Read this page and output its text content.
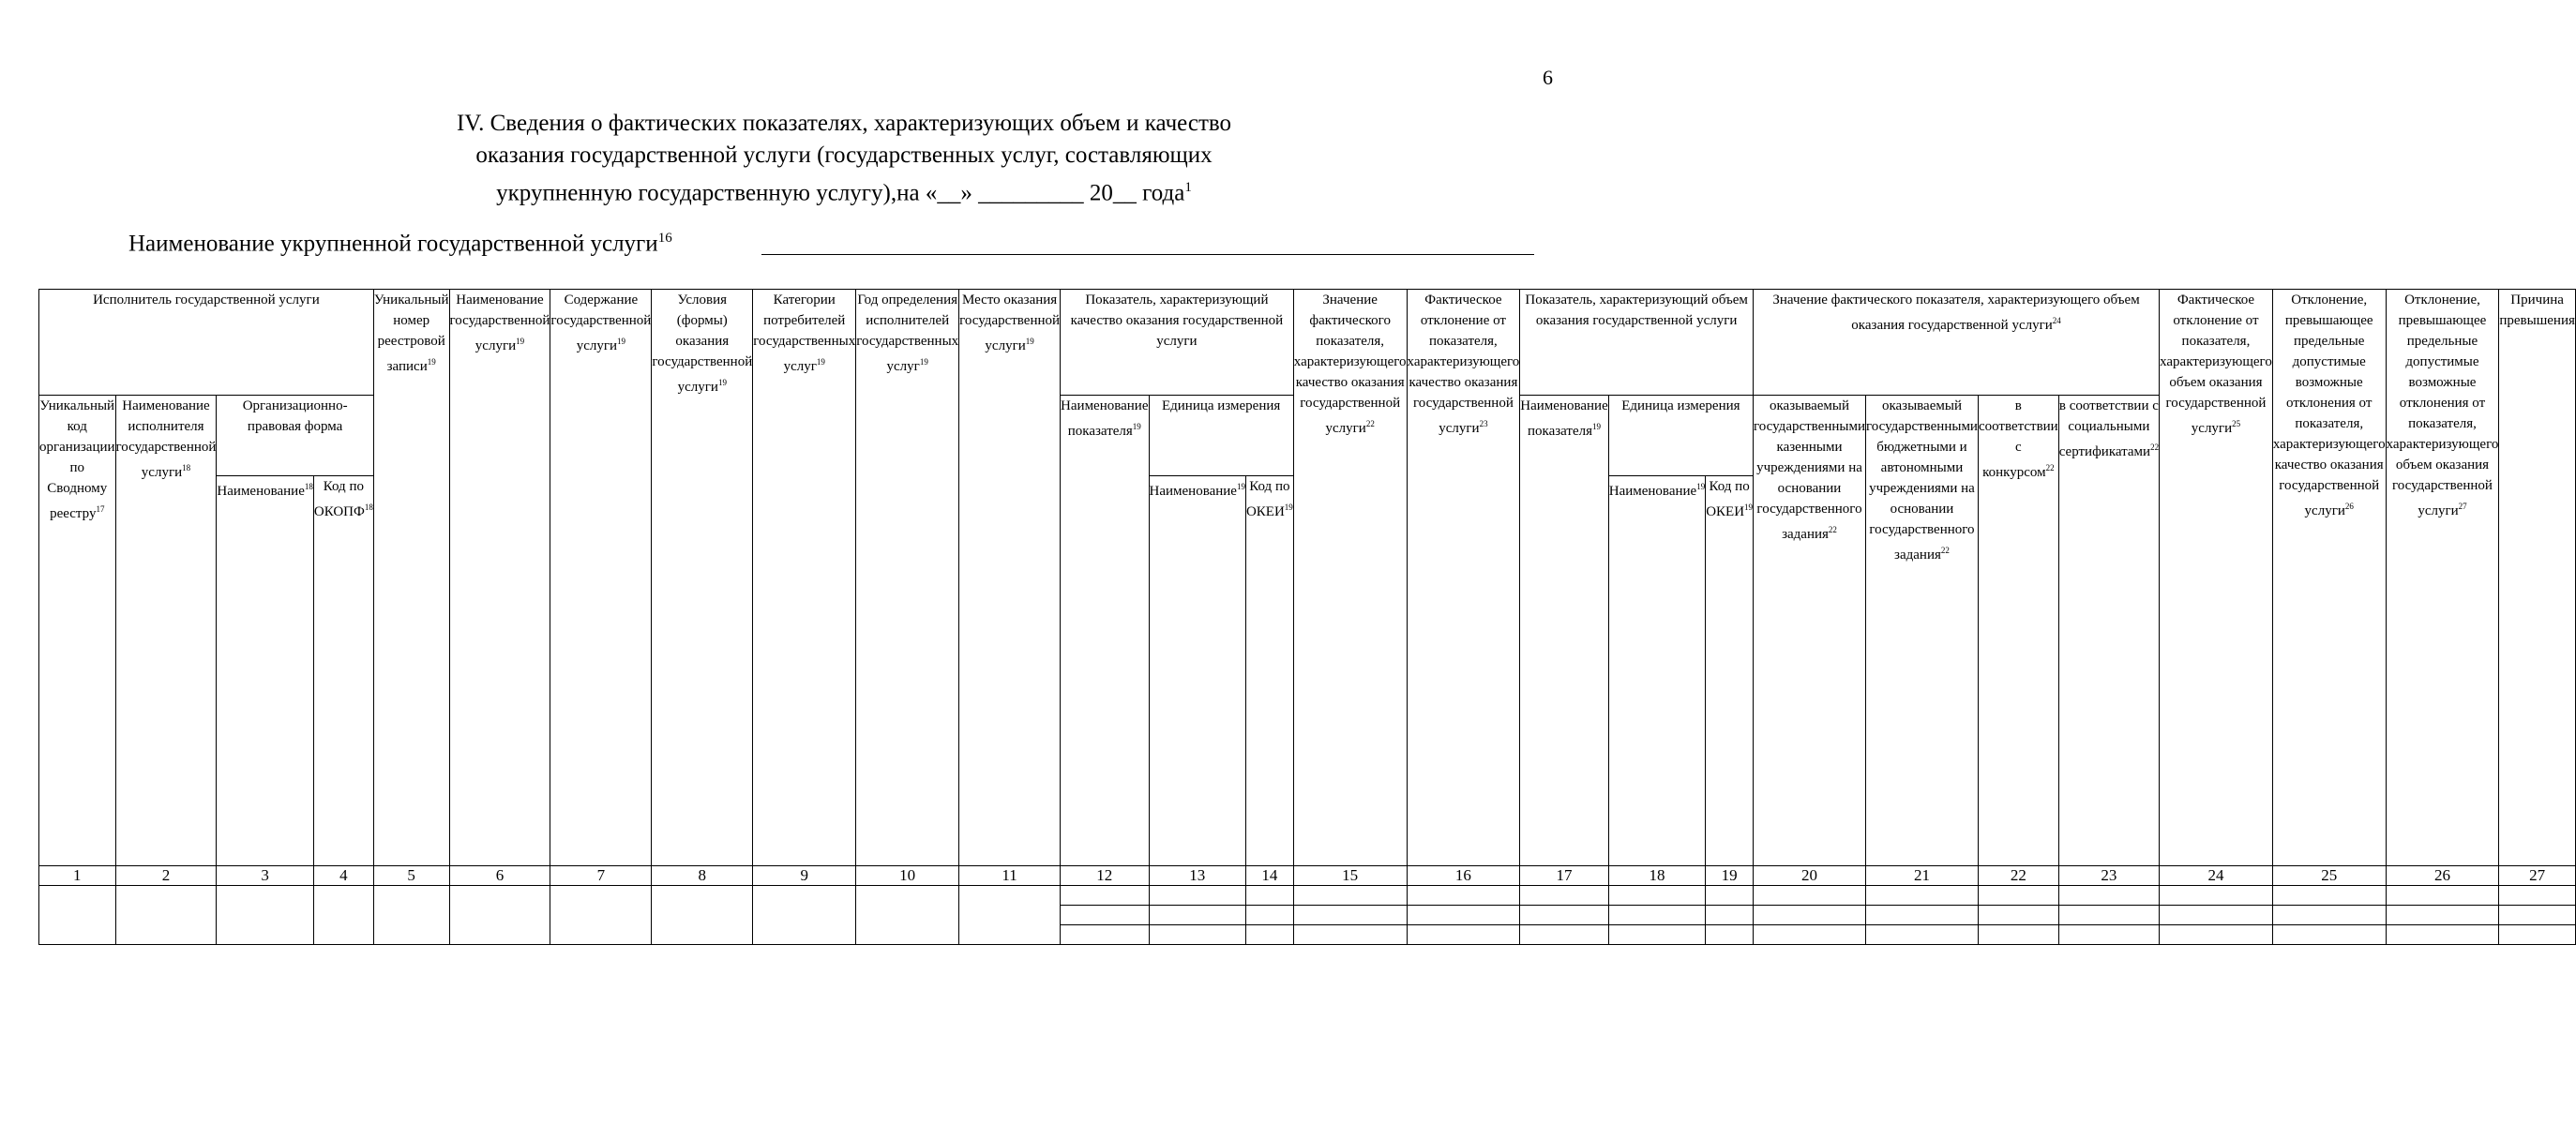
6
IV. Сведения о фактических показателях, характеризующих объем и качество
оказания государственной услуги (государственных услуг, составляющих
укрупненную государственную услугу),на «__» _________ 20__ года$^1$
Наименование укрупненной государственной услуги$^{16}$
Исполнитель государственной услуги				Уникальный номер реестровой записи$^{19}$	Наименование государственной услуги$^{19}$	Содержание государственной услуги$^{19}$	Условия (формы) оказания государственной услуги$^{19}$	Категории потребителей государственных услуг$^{19}$	Год определения исполнителей государственных услуг$^{19}$	Место оказания государственной услуги$^{19}$	Показатель, характеризующий качество оказания государственной услуги			Значение фактического показателя, характеризующего качество оказания государственной услуги$^{22}$	Фактическое отклонение от показателя, характеризующего качество оказания государственной услуги$^{23}$	Показатель, характеризующий объем оказания государственной услуги			Значение фактического показателя, характеризующего объем оказания государственной услуги$^{24}$				Фактическое отклонение от показателя, характеризующего объем оказания государственной услуги$^{25}$	Отклонение, превышающее предельные допустимые возможные отклонения от показателя, характеризующего качество оказания государственной услуги$^{26}$	Отклонение, превышающее предельные допустимые возможные отклонения от показателя, характеризующего объем оказания государственной услуги$^{27}$	Причина превышения
Уникальный код организации по Сводному реестру$^{17}$	Наименование исполнителя государственной услуги$^{18}$	Организационно-правовая форма									Наименование показателя$^{19}$	Единица измерения				Наименование показателя$^{19}$	Единица измерения		оказываемый государственными казенными учреждениями на основании государственного задания$^{22}$	оказываемый государственными бюджетными и автономными учреждениями на основании государственного задания$^{22}$	в соответствии с конкурсом$^{22}$	в соответствии с социальными сертификатами$^{22}$
		Наименование$^{18}$	Код по ОКОПФ$^{18}$									Наименование$^{19}$	Код по ОКЕИ$^{19}$				Наименование$^{19}$	Код по ОКЕИ$^{19}$
1	2	3	4	5	6	7	8	9	10	11	12	13	14	15	16	17	18	19	20	21	22	23	24	25	26	27
